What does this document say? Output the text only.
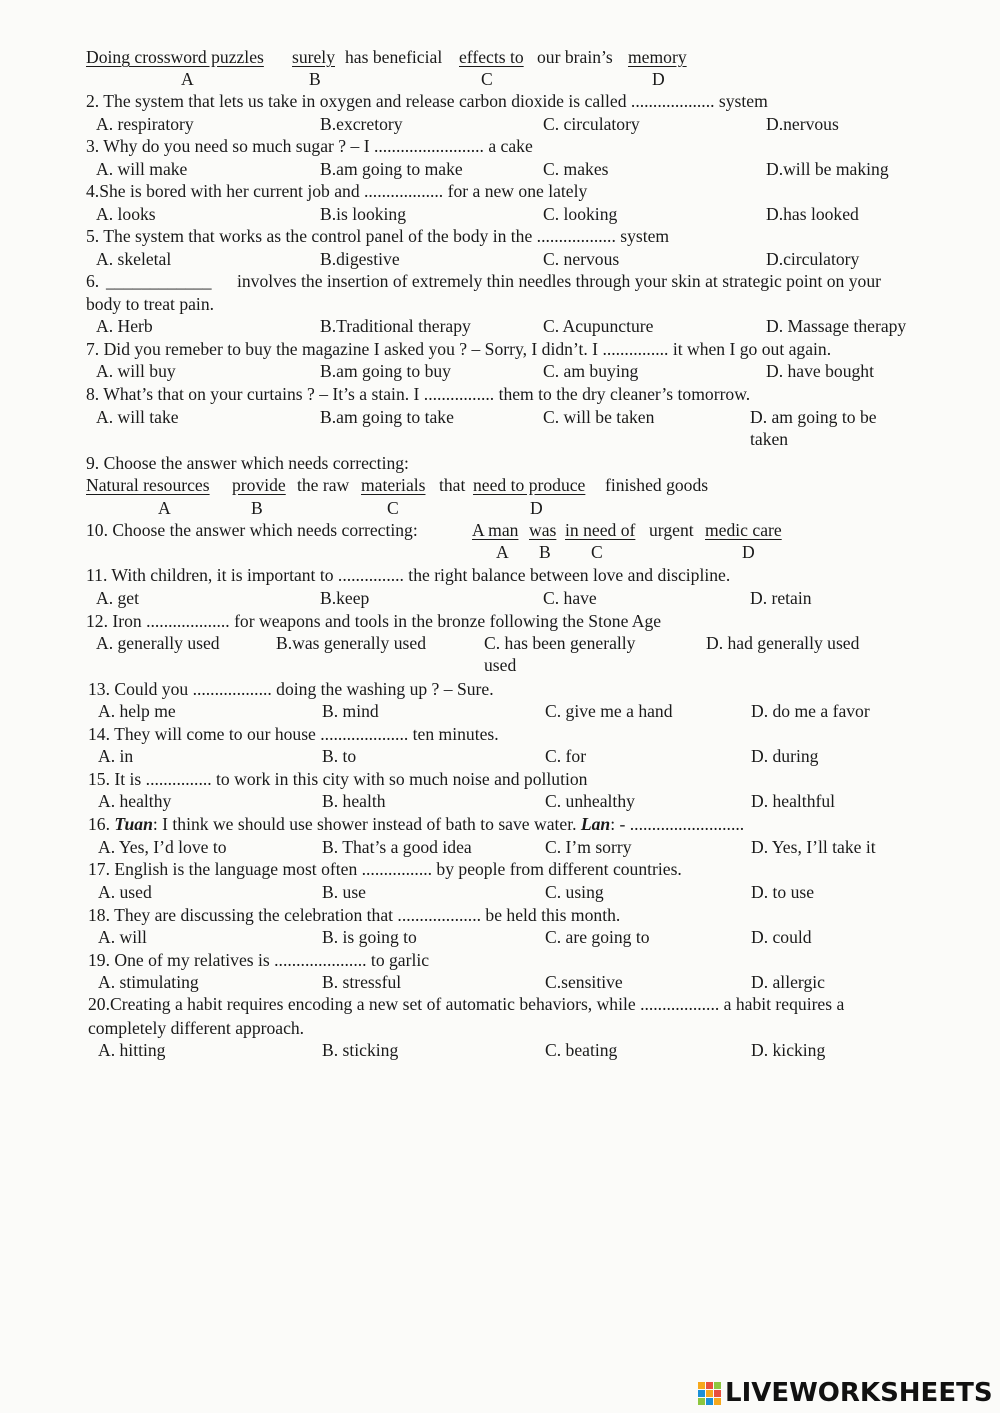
Doing crossword puzzles surely has beneficial effects to our brain’s memory
A	B	C	D
2. The system that lets us take in oxygen and release carbon dioxide is called ................... system
A. respiratory	B.excretory	C. circulatory	D.nervous
3. Why do you need so much sugar ? – I ......................... a cake
A. will make	B.am going to make	C. makes	D.will be making
4.She is bored with her current job and .................. for a new one lately
A. looks	B.is looking	C. looking	D.has looked
5. The system that works as the control panel of the body in the .................. system
A. skeletal	B.digestive	C. nervous	D.circulatory
6. ____________ involves the insertion of extremely thin needles through your skin at strategic point on your
body to treat pain.
A. Herb	B.Traditional therapy	C. Acupuncture	D. Massage therapy
7. Did you remeber to buy the magazine I asked you ? – Sorry, I didn’t. I ............... it when I go out again.
A. will buy	B.am going to buy	C. am buying	D. have bought
8. What’s that on your curtains ? – It’s a stain. I ................ them to the dry cleaner’s tomorrow.
A. will take	B.am going to take	C. will be taken	D. am going to be
taken
9. Choose the answer which needs correcting:
Natural resources provide the raw materials that need to produce finished goods
A	B	C	D
10. Choose the answer which needs correcting:	A man was in need of urgent medic care
A B C	D
11. With children, it is important to ............... the right balance between love and discipline.
A. get	B.keep	C. have	D. retain
12. Iron ................... for weapons and tools in the bronze following the Stone Age
A. generally used	B.was generally used	C. has been generally	D. had generally used
used
13. Could you .................. doing the washing up ? – Sure.
A. help me	B. mind	C. give me a hand	D. do me a favor
14. They will come to our house .................... ten minutes.
A. in	B. to	C. for	D. during
15. It is ............... to work in this city with so much noise and pollution
A. healthy	B. health	C. unhealthy	D. healthful
16. Tuan: I think we should use shower instead of bath to save water. Lan: - ..........................
A. Yes, I’d love to	B. That’s a good idea	C. I’m sorry	D. Yes, I’ll take it
17. English is the language most often ................ by people from different countries.
A. used	B. use	C. using	D. to use
18. They are discussing the celebration that ................... be held this month.
A. will	B. is going to	C. are going to	D. could
19. One of my relatives is ..................... to garlic
A. stimulating	B. stressful	C.sensitive	D. allergic
20.Creating a habit requires encoding a new set of automatic behaviors, while .................. a habit requires a
completely different approach.
A. hitting	B. sticking	C. beating	D. kicking
LIVEWORKSHEETS
